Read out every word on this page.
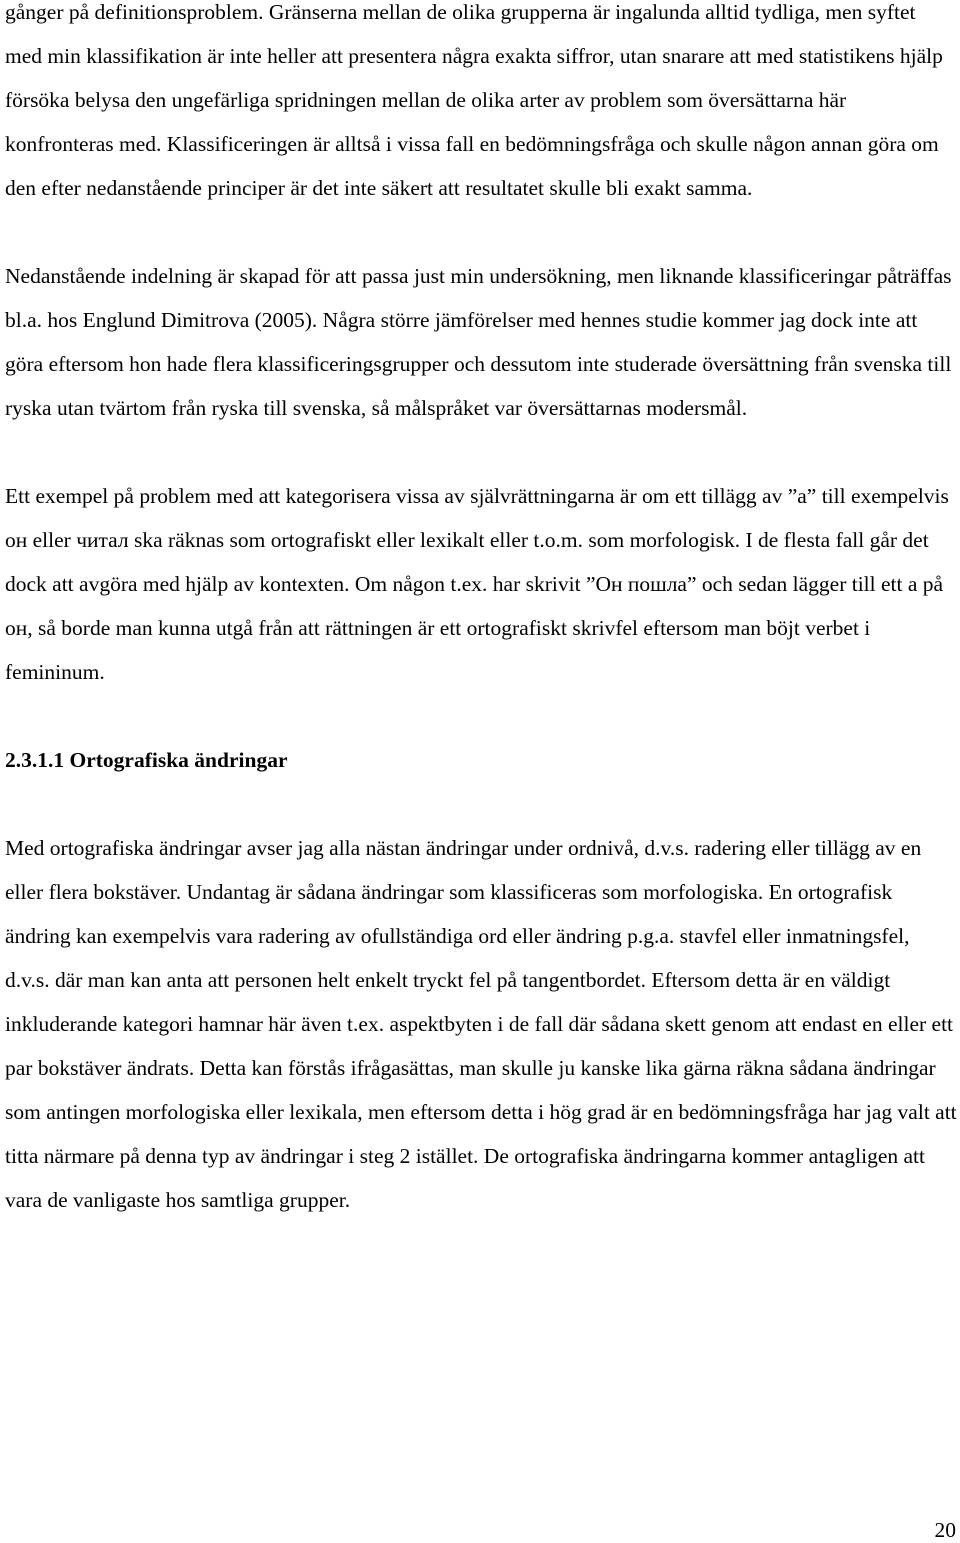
gånger på definitionsproblem. Gränserna mellan de olika grupperna är ingalunda alltid tydliga, men syftet med min klassifikation är inte heller att presentera några exakta siffror, utan snarare att med statistikens hjälp försöka belysa den ungefärliga spridningen mellan de olika arter av problem som översättarna här konfronteras med. Klassificeringen är alltså i vissa fall en bedömningsfråga och skulle någon annan göra om den efter nedanstående principer är det inte säkert att resultatet skulle bli exakt samma.

Nedanstående indelning är skapad för att passa just min undersökning, men liknande klassificeringar påträffas bl.a. hos Englund Dimitrova (2005). Några större jämförelser med hennes studie kommer jag dock inte att göra eftersom hon hade flera klassificeringsgrupper och dessutom inte studerade översättning från svenska till ryska utan tvärtom från ryska till svenska, så målspråket var översättarnas modersmål.

Ett exempel på problem med att kategorisera vissa av självrättningarna är om ett tillägg av ”a” till exempelvis он eller читал ska räknas som ortografiskt eller lexikalt eller t.o.m. som morfologisk. I de flesta fall går det dock att avgöra med hjälp av kontexten. Om någon t.ex. har skrivit ”Он пошла” och sedan lägger till ett a på он, så borde man kunna utgå från att rättningen är ett ortografiskt skrivfel eftersom man böjt verbet i femininum.

2.3.1.1 Ortografiska ändringar

Med ortografiska ändringar avser jag alla nästan ändringar under ordnivå, d.v.s. radering eller tillägg av en eller flera bokstäver. Undantag är sådana ändringar som klassificeras som morfologiska. En ortografisk ändring kan exempelvis vara radering av ofullständiga ord eller ändring p.g.a. stavfel eller inmatningsfel, d.v.s. där man kan anta att personen helt enkelt tryckt fel på tangentbordet. Eftersom detta är en väldigt inkluderande kategori hamnar här även t.ex. aspektbyten i de fall där sådana skett genom att endast en eller ett par bokstäver ändrats. Detta kan förstås ifrågasättas, man skulle ju kanske lika gärna räkna sådana ändringar som antingen morfologiska eller lexikala, men eftersom detta i hög grad är en bedömningsfråga har jag valt att titta närmare på denna typ av ändringar i steg 2 istället. De ortografiska ändringarna kommer antagligen att vara de vanligaste hos samtliga grupper.

20
